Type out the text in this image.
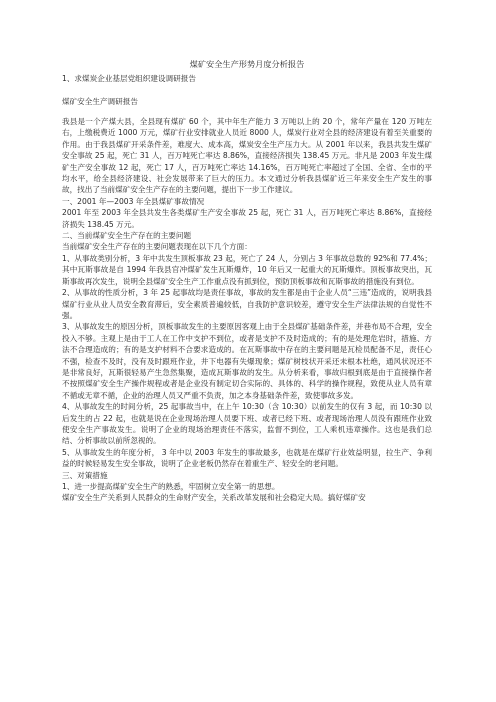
煤矿安全生产形势月度分析报告
1、求煤炭企业基层党组织建设调研报告
煤矿安全生产调研报告

我县是一个产煤大县，全县现有煤矿 60 个，其中年生产能力 3 万吨以上的 20 个，常年产量在 120 万吨左右，上缴税费近 1000 万元，煤矿行业安排就业人员近 8000 人，煤炭行业对全县的经济建设有着至关重要的作用。由于我县煤矿开采条件差，难度大、成本高，煤炭安全生产压力大。从 2001 年以来，我县共发生煤矿安全事故 25 起，死亡 31 人，百万吨死亡率达 8.86%，直接经济损失 138.45 万元。非凡是 2003 年发生煤矿生产安全事故 12 起，死亡 17 人，百万吨死亡率达 14.16%，百万吨死亡率超过了全国、全省、全市的平均水平，给全县经济建设、社会发展带来了巨大的压力。本文通过分析我县煤矿近三年来安全生产发生的事故，找出了当前煤矿安全生产存在的主要问题，提出下一步工作建议。

一、2001 年—2003 年全县煤矿事故情况

2001 年至 2003 年全县共发生各类煤矿生产安全事故 25 起，死亡 31 人，百万吨死亡率达 8.86%，直接经济损失 138.45 万元。

二、当前煤矿安全生产存在的主要问题

当前煤矿安全生产存在的主要问题表现在以下几个方面：

1、从事故类别分析，3 年中共发生顶板事故 23 起，死亡了 24 人，分别占 3 年事故总数的 92%和 77.4%；其中瓦斯事故是自 1994 年我县官冲煤矿发生瓦斯爆炸，10 年后又一起重大的瓦斯爆炸。顶板事故突出，瓦斯事故再次发生，说明全县煤矿安全生产工作重点没有抓到位，预防顶板事故和瓦斯事故的措施没有到位。

2、从事故的性质分析，3 年 25 起事故均是责任事故，事故的发生都是由于企业人员“三违”造成的，说明我县煤矿行业从业人员安全教育滞后，安全素质普遍较低，自我防护意识较差，遵守安全生产法律法规的自觉性不强。

3、从事故发生的原因分析，顶板事故发生的主要原因客观上由于全县煤矿基础条件差，并巷布局不合理，安全投入不够。主观上是由于工人在工作中支护不到位，或者是支护不及时造成的；有的是处理危岩时，措施、方法不合理造成的；有的是支护材料不合要求造成的。在瓦斯事故中存在的主要问题是瓦检员配备不足，责任心不强，检查不及时，没有及时跟班作业，井下电器有失爆现象；煤矿树枝状开采还未根本杜绝，通风状况还不是非常良好，瓦斯很轻易产生急然集聚，造成瓦斯事故的发生。从分析来看，事故归根到底是由于直接操作者不按照煤矿安全生产操作规程或者是企业没有制定切合实际的、具体的、科学的操作规程，致使从业人员有章不循或无章不循，企业的治理人员又严重不负责，加之本身基础条件差，致使事故多发。

4、从事故发生的时间分析，25 起事故当中，在上午 10:30（含 10:30）以前发生的仅有 3 起，而 10:30 以后发生的占 22 起，也就是说在企业现场治理人员要下班、或者已经下班、或者现场治理人员没有跟班作业致使安全生产事故发生。说明了企业的现场治理责任不落实，监督不到位，工人乘机违章操作。这也是我们总结、分析事故以前所忽视的。

5、从事故发生的年度分析， 3 年中以 2003 年发生的事故最多，也就是在煤矿行业效益明显，拉生产、争利益的时候轻易发生安全事故，说明了企业老板仍然存在着重生产、轻安全的老问题。

三、对策措施

1、进一步提高煤矿安全生产的熟悉，牢固树立安全第一的思想。

煤矿安全生产关系到人民群众的生命财产安全，关系改革发展和社会稳定大局。搞好煤矿安
